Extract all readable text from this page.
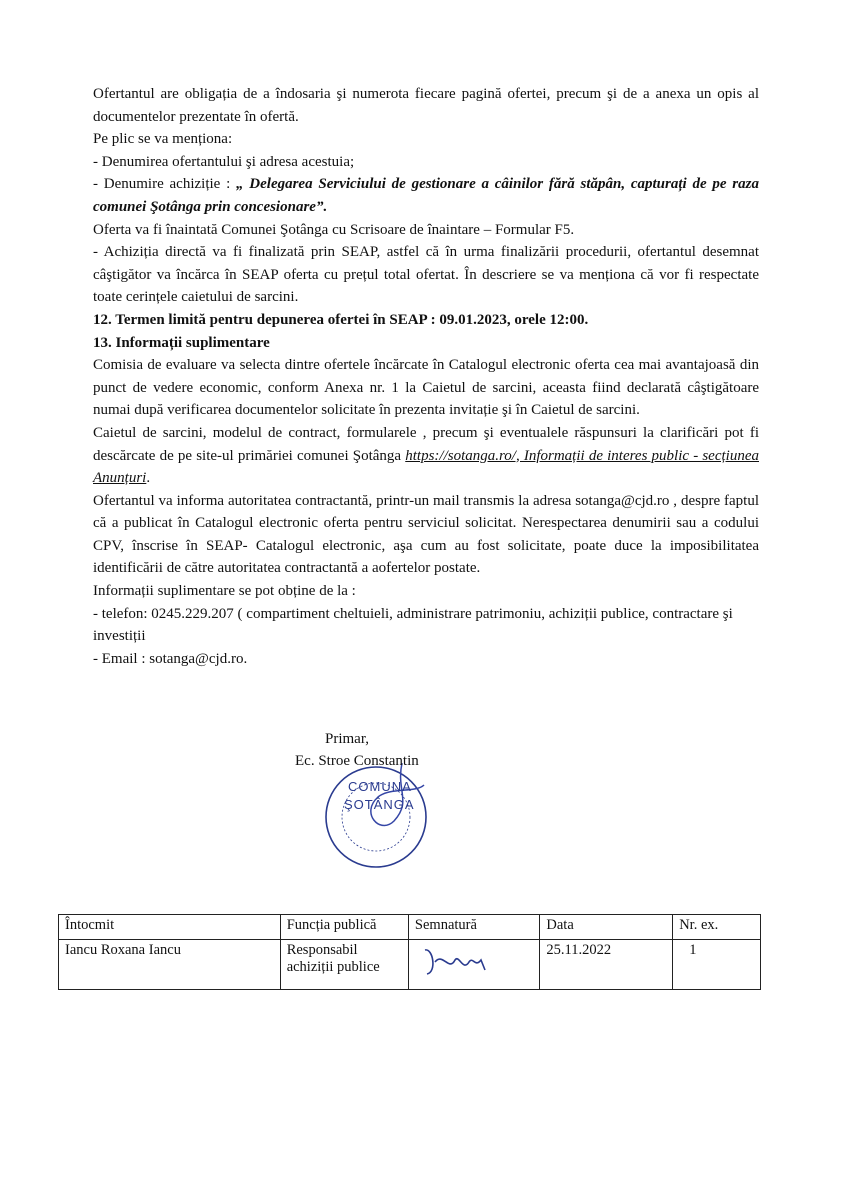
Ofertantul are obligația de a îndosaria şi numerota fiecare pagină ofertei, precum şi de a anexa un opis al documentelor prezentate în ofertă.

Pe plic se va menționa:

- Denumirea ofertantului şi adresa acestuia;

- Denumire achiziție : „ Delegarea Serviciului de gestionare a câinilor fără stăpân, capturați de pe raza comunei Şotânga prin concesionare”.

Oferta va fi înaintată Comunei Şotânga cu Scrisoare de înaintare – Formular F5.

- Achiziția directă va fi finalizată prin SEAP, astfel că în urma finalizării procedurii, ofertantul desemnat câştigător va încărca în SEAP oferta cu prețul total ofertat. În descriere se va menționa că vor fi respectate toate cerințele caietului de sarcini.

12. Termen limită pentru depunerea ofertei în SEAP : 09.01.2023, orele 12:00.

13. Informații suplimentare

Comisia de evaluare va selecta dintre ofertele încărcate în Catalogul electronic oferta cea mai avantajoasă din punct de vedere economic, conform Anexa nr. 1 la Caietul de sarcini, aceasta fiind declarată câştigătoare numai după verificarea documentelor solicitate în prezenta invitație şi în Caietul de sarcini.

Caietul de sarcini, modelul de contract, formularele , precum şi eventualele răspunsuri la clarificări pot fi descărcate de pe site-ul primăriei comunei Şotânga https://sotanga.ro/, Informații de interes public - secțiunea Anunțuri.

Ofertantul va informa autoritatea contractantă, printr-un mail transmis la adresa sotanga@cjd.ro , despre faptul că a publicat în Catalogul electronic oferta pentru serviciul solicitat. Nerespectarea denumirii sau a codului CPV, înscrise în SEAP- Catalogul electronic, aşa cum au fost solicitate, poate duce la imposibilitatea identificării de către autoritatea contractantă a aofertelor postate.

Informații suplimentare se pot obține de la :

- telefon: 0245.229.207 ( compartiment cheltuieli, administrare patrimoniu, achiziții publice, contractare şi investiții

- Email : sotanga@cjd.ro.

Primar,
Ec. Stroe Constantin
COMUNA
ŞOTÂNGA
Întocmit	Funcția publică	Semnatură	Data	Nr. ex.
Iancu Roxana Iancu	Responsabil achiziții publice		25.11.2022	1
